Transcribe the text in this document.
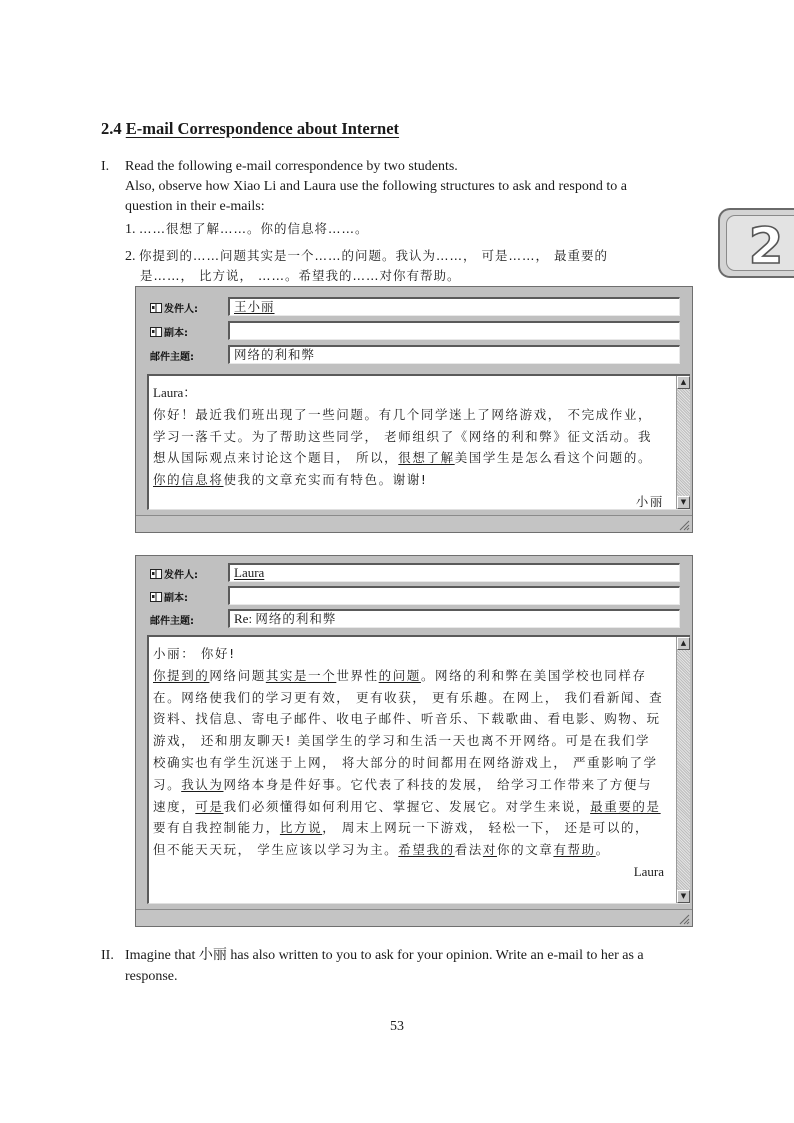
2.4 E-mail Correspondence about Internet
2
I. Read the following e-mail correspondence by two students.
Also, observe how Xiao Li and Laura use the following structures to ask and respond to a
question in their e-mails:
1. ……很想了解……。你的信息将……。
2. 你提到的……问题其实是一个……的问题。我认为……， 可是……， 最重要的
是……， 比方说， ……。希望我的……对你有帮助。
发件人:	王小丽
副本:
邮件主题:	网络的利和弊

Laura：

你好！最近我们班出现了一些问题。有几个同学迷上了网络游戏， 不完成作业， 学习一落千丈。为了帮助这些同学， 老师组织了《网络的利和弊》征文活动。我想从国际观点来讨论这个题目， 所以，很想了解美国学生是怎么看这个问题的。你的信息将使我的文章充实而有特色。谢谢!

小丽

▲
▼
发件人:	Laura
副本:
邮件主题:	Re: 网络的利和弊

小丽： 你好!

你提到的网络问题其实是一个世界性的问题。网络的利和弊在美国学校也同样存在。网络使我们的学习更有效， 更有收获， 更有乐趣。在网上， 我们看新闻、查资料、找信息、寄电子邮件、收电子邮件、听音乐、下载歌曲、看电影、购物、玩游戏， 还和朋友聊天! 美国学生的学习和生活一天也离不开网络。可是在我们学校确实也有学生沉迷于上网， 将大部分的时间都用在网络游戏上， 严重影响了学习。我认为网络本身是件好事。它代表了科技的发展， 给学习工作带来了方便与速度，可是我们必须懂得如何利用它、掌握它、发展它。对学生来说，最重要的是要有自我控制能力，比方说， 周末上网玩一下游戏， 轻松一下， 还是可以的， 但不能天天玩， 学生应该以学习为主。希望我的看法对你的文章有帮助。

Laura

▲
▼
II. Imagine that 小丽 has also written to you to ask for your opinion. Write an e-mail to her as a
response.
53
